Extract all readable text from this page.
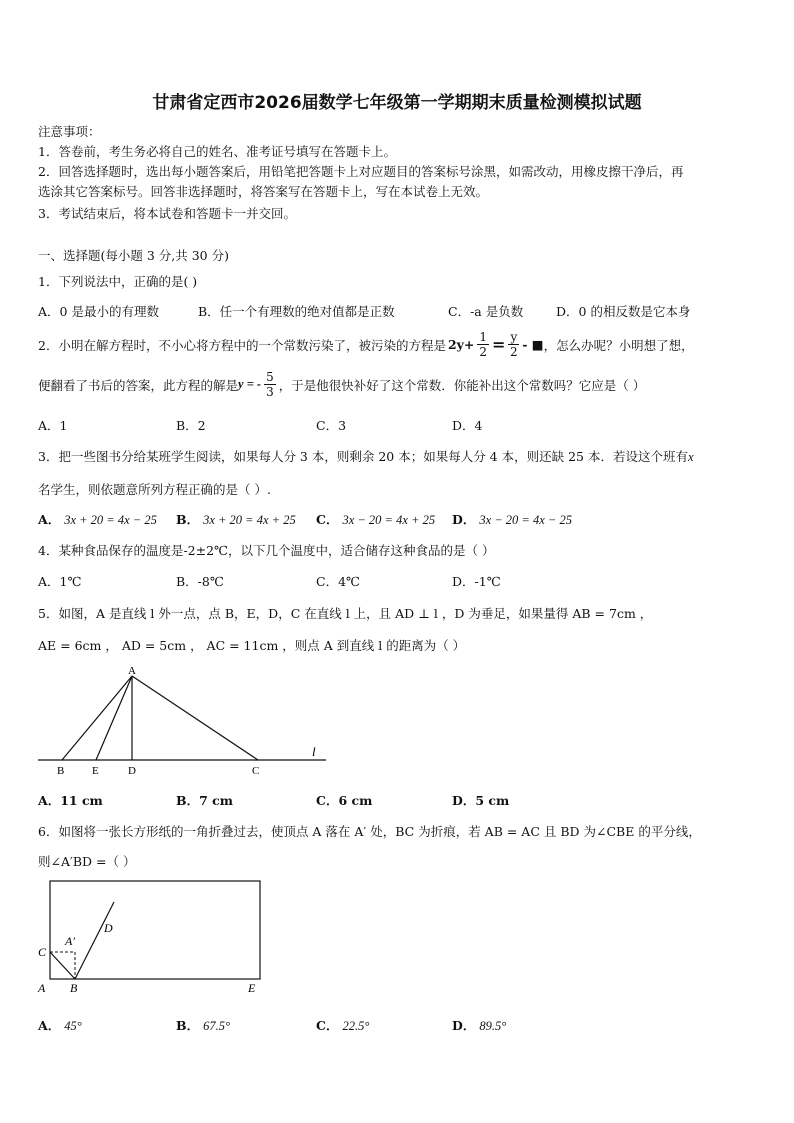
甘肃省定西市2026届数学七年级第一学期期末质量检测模拟试题
注意事项：
1．答卷前，考生务必将自己的姓名、准考证号填写在答题卡上。
2．回答选择题时，选出每小题答案后，用铅笔把答题卡上对应题目的答案标号涂黑，如需改动，用橡皮擦干净后，再
选涂其它答案标号。回答非选择题时，将答案写在答题卡上，写在本试卷上无效。
3．考试结束后，将本试卷和答题卡一并交回。
一、选择题(每小题 3 分,共 30 分)
1．下列说法中，正确的是( )
A．0 是最小的有理数	B．任一个有理数的绝对值都是正数	C．-a 是负数	D．0 的相反数是它本身
2．小明在解方程时，不小心将方程中的一个常数污染了，被污染的方程是 $2y+ \frac{1}{2} = \frac{y}{2}$ - ■ ，怎么办呢？小明想了想，
便翻看了书后的答案，此方程的解是 y = - $\frac{5}{3}$ ，于是他很快补好了这个常数．你能补出这个常数吗？它应是（ ）
A．1	B．2	C．3	D．4
3．把一些图书分给某班学生阅读，如果每人分 3 本，则剩余 20 本；如果每人分 4 本，则还缺 25 本．若设这个班有x
名学生，则依题意所列方程正确的是（ ）.
A． 3x + 20 = 4x − 25 B． 3x + 20 = 4x + 25 C． 3x − 20 = 4x + 25 D． 3x − 20 = 4x − 25
4．某种食品保存的温度是-2±2℃，以下几个温度中，适合储存这种食品的是（ ）
A．1℃	B．-8℃	C．4℃	D．-1℃
5．如图，A 是直线 l 外一点，点 B，E，D，C 在直线 l 上，且 AD ⊥ l ，D 为垂足，如果量得 AB = 7cm ，
AE = 6cm ， AD = 5cm ， AC = 11cm ，则点 A 到直线 l 的距离为（ ）
A
B	E	D	C
l
A．11 cm	B．7 cm	C．6 cm	D．5 cm
6．如图将一张长方形纸的一角折叠过去，使顶点 A 落在 A′ 处，BC 为折痕，若 AB = AC 且 BD 为∠CBE 的平分线，
则∠A′BD =（ ）
C
A′
D
A B	E
A． 45°	B． 67.5°	C． 22.5°	D． 89.5°
